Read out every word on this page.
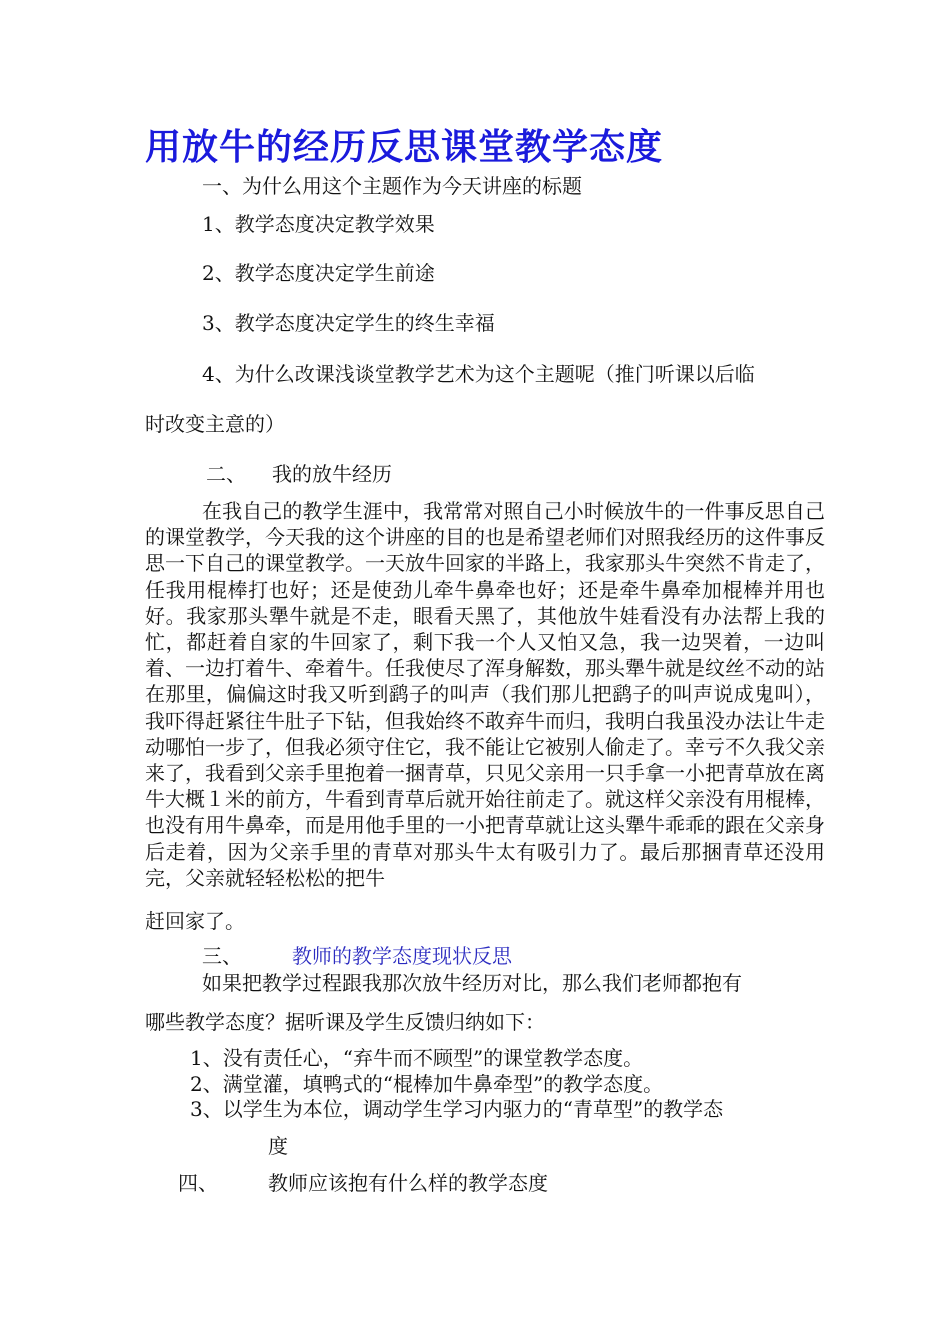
用放牛的经历反思课堂教学态度
一、为什么用这个主题作为今天讲座的标题
1、教学态度决定教学效果
2、教学态度决定学生前途
3、教学态度决定学生的终生幸福
4、为什么改课浅谈堂教学艺术为这个主题呢（推门听课以后临
时改变主意的）
二、 我的放牛经历
在我自己的教学生涯中，我常常对照自己小时候放牛的一件事反思自己的课堂教学，今天我的这个讲座的目的也是希望老师们对照我经历的这件事反思一下自己的课堂教学。一天放牛回家的半路上，我家那头牛突然不肯走了，任我用棍棒打也好；还是使劲儿牵牛鼻牵也好；还是牵牛鼻牵加棍棒并用也好。我家那头犟牛就是不走，眼看天黑了，其他放牛娃看没有办法帮上我的忙，都赶着自家的牛回家了，剩下我一个人又怕又急，我一边哭着，一边叫着、一边打着牛、牵着牛。任我使尽了浑身解数，那头犟牛就是纹丝不动的站在那里，偏偏这时我又听到鹞子的叫声（我们那儿把鹞子的叫声说成鬼叫），我吓得赶紧往牛肚子下钻，但我始终不敢弃牛而归，我明白我虽没办法让牛走动哪怕一步了，但我必须守住它，我不能让它被别人偷走了。幸亏不久我父亲来了，我看到父亲手里抱着一捆青草，只见父亲用一只手拿一小把青草放在离牛大概１米的前方，牛看到青草后就开始往前走了。就这样父亲没有用棍棒，也没有用牛鼻牵，而是用他手里的一小把青草就让这头犟牛乖乖的跟在父亲身后走着，因为父亲手里的青草对那头牛太有吸引力了。最后那捆青草还没用完，父亲就轻轻松松的把牛
赶回家了。
三、	教师的教学态度现状反思
如果把教学过程跟我那次放牛经历对比，那么我们老师都抱有
哪些教学态度？据听课及学生反馈归纳如下：
1、没有责任心，“弃牛而不顾型”的课堂教学态度。
2、满堂灌，填鸭式的“棍棒加牛鼻牵型”的教学态度。
3、以学生为本位，调动学生学习内驱力的“青草型”的教学态
度
四、	教师应该抱有什么样的教学态度
